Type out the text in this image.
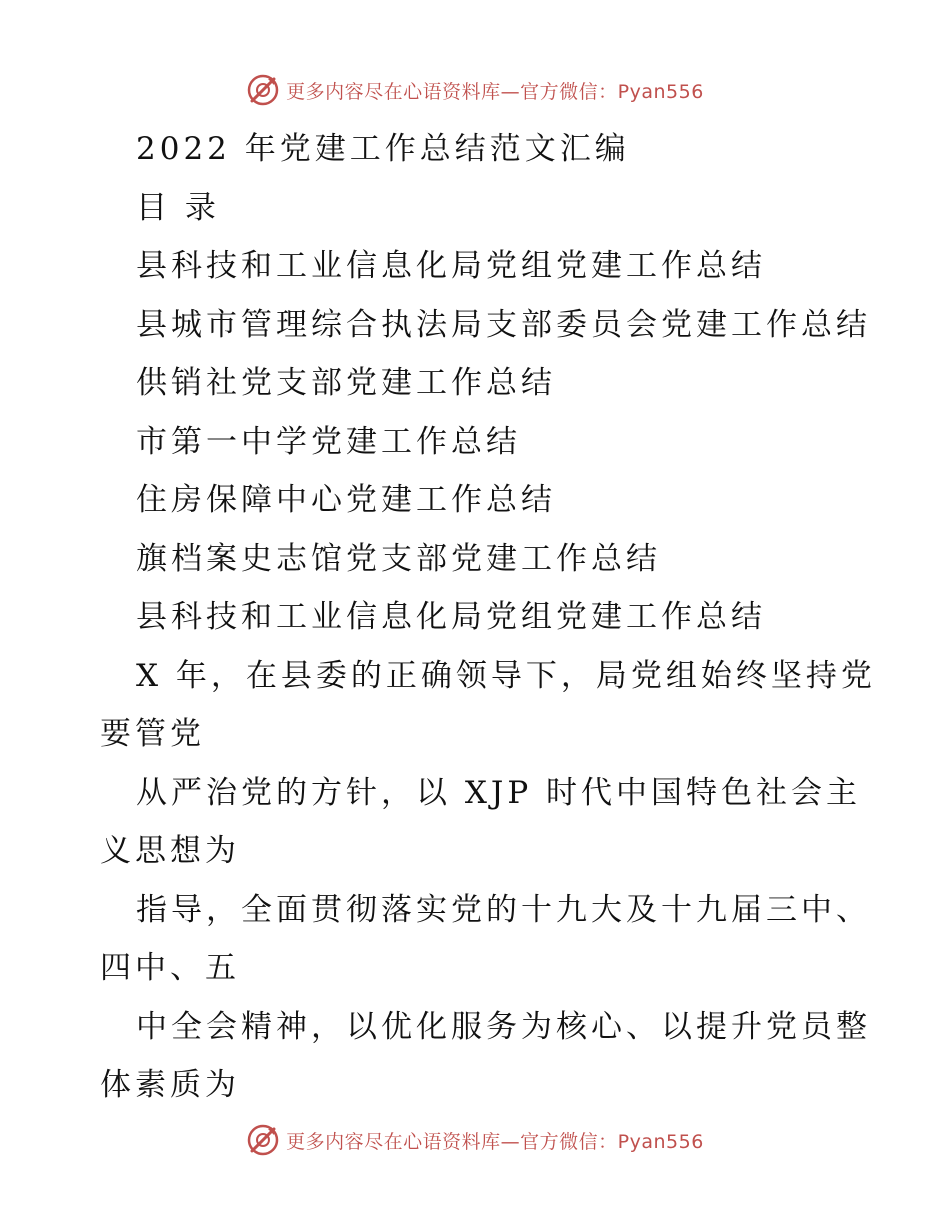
更多内容尽在心语资料库—官方微信：Pyan556
2022 年党建工作总结范文汇编
目 录
县科技和工业信息化局党组党建工作总结
县城市管理综合执法局支部委员会党建工作总结
供销社党支部党建工作总结
市第一中学党建工作总结
住房保障中心党建工作总结
旗档案史志馆党支部党建工作总结
县科技和工业信息化局党组党建工作总结
X 年，在县委的正确领导下，局党组始终坚持党
要管党
从严治党的方针，以 XJP 时代中国特色社会主
义思想为
指导，全面贯彻落实党的十九大及十九届三中、
四中、五
中全会精神，以优化服务为核心、以提升党员整
体素质为
更多内容尽在心语资料库—官方微信：Pyan556
